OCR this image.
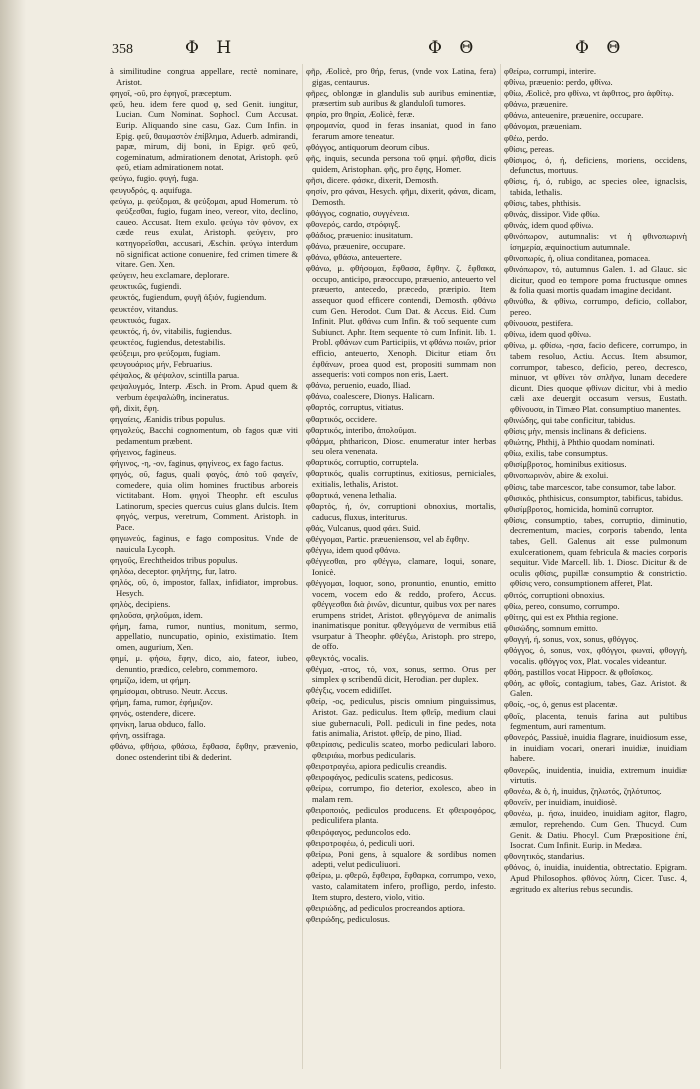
358	Φ Η	Φ Θ	Φ Θ

à similitudine congrua appellare, rectè nominare, Aristot.

φηγοῖ, -οῦ, pro ἐφηγοῖ, præceptum.

φεῦ, heu. idem fere quod φ, sed Genit. iungitur, Lucian. Cum Nominat. Sophocl. Cum Accusat. Eurip. Aliquando sine casu, Gaz. Cum Infin. in Epig. φεῦ, θαυμαστὸν ἐπίβλημα, Aduerb. admirandi, papæ, mirum, dij boni, in Epigr. φεῦ φεῦ, cogeminatum, admirationem denotat, Aristoph. φεῦ φεῦ, etiam admirationem notat.

φεύγω, fugio. φυγή, fuga.

φευγυδρός, q. aquifuga.

φεύγω, μ. φεύξομαι, & φεύξομαι, apud Homerum. τὸ φεύξεσθαι, fugio, fugam ineo, vereor, vito, declino, caueo. Accusat. Item exulo. φεύγω τὸν φόνον, ex cæde reus exulat, Aristoph. φεύγειν, pro κατηγορεῖσθαι, accusari, Æschin. φεύγω interdum nō significat actione conuenire, fed crimen timere & vitare. Gen. Xen.

φεύγειν, heu exclamare, deplorare.

φευκτικῶς, fugiendi.

φευκτός, fugiendum, φυγῆ ἀξιόν, fugiendum.

φευκτέον, vitandus.

φευκτικός, fugax.

φευκτός, ή, όν, vitabilis, fugiendus.

φευκτέος, fugiendus, detestabilis.

φεύξειμι, pro φεύξομαι, fugiam.

φευγουάριος μήν, Februarius.

φέψαλος, & φέψαλον, scintilla parua.

φεψαλυγμός, Interp. Æsch. in Prom. Apud quem & verbum ἐφεψαλώθη, incineratus.

φῆ, dixit, ἔφη.

φηγαίεις, Æanidis tribus populus.

φηγαλεύς, Bacchi cognomentum, ob fagos quæ viti pedamentum præbent.

φήγεινος, fagineus.

φήγινος, -η, -ον, faginus, φηγίνεος, ex fago factus.

φηγός, οῦ, fagus, quali φαγός, ἀπὸ τοῦ φαγεῖν, comedere, quia olim homines fructibus arboreis victitabant. Hom. φηγοὶ Theophr. eft esculus Latinorum, species quercus cuius glans dulcis. Item φηγός, verpus, veretrum, Comment. Aristoph. in Pace.

φηγωνεύς, faginus, e fago compositus. Vnde de nauicula Lycoph.

φηγοῦς, Erechtheidos tribus populus.

φηλόω, deceptor. φηλήτης, fur, latro.

φηλός, οῦ, ό, impostor, fallax, infidiator, improbus. Hesych.

φηλὸς, decipiens.

φηλοῦσα, φηλοῦμαι, idem.

φήμη, fama, rumor, nuntius, monitum, sermo, appellatio, nuncupatio, opinio, existimatio. Item omen, augurium, Xen.

φημί, μ. φήσω, ἔφην, dico, aio, fateor, iubeo, denuntio, prædico, celebro, commemoro.

φημίζω, idem, ut φήμη.

φημίσομαι, obtruso. Neutr. Accus.

φήμη, fama, rumor, ἐφήμιζον.

φηνός, ostendere, dicere.

φηνίκη, larua obduco, fallo.

φήνη, ossifraga.

φθάνω, φθήσω, φθάσω, ἔφθασα, ἔφθην, prævenio, donec ostenderint tibi & dederint.

φῆρ, Æolicè, pro θήρ, ferus, (vnde vox Latina, fera) gigas, centaurus.

φῆρες, oblongæ in glandulis sub auribus eminentiæ, præsertim sub auribus & glanduloſi tumores.

φηρία, pro θηρία, Æolicè, feræ.

φηρομανία, quod in feras insaniat, quod in fano ferarum amore teneatur.

φθόγγος, antiquorum deorum cibus.

φῆς, inquis, secunda persona τοῦ φημί. φῆσθα, dicis quidem, Aristophan. φῆς, pro ἔφης, Homer.

φῆσι, dicere. φάσκε, dixerit, Demosth.

φησίν, pro φάναι, Hesych. φῆμι, dixerit, φάναι, dicam, Demosth.

φθόγγος, cognatio, συγγένεια.

φθονερός, cardo, στρόφιγξ.

φθάδιος, præuenio: inusitatum.

φθάνω, præuenire, occupare.

φθάνω, φθάσω, anteuertere.

φθάνω, μ. φθήσομαι, ἔφθασα, ἔφθην. ζ. ἔφθακα, occupo, anticipo, præoccupo, præuenio, anteuerto vel præuerto, antecedo, præcedo, præripio. Item assequor quod efficere contendi, Demosth. φθάνω cum Gen. Herodot. Cum Dat. & Accus. Eid. Cum Infinit. Plut. φθάνω cum Infin. & τοῦ sequente cum Subiunct. Aphr. Item sequente τὸ cum Infinit. lib. 1. Probl. φθάνων cum Participiis, vt φθάνω ποιῶν, prior efficio, anteuerto, Xenoph. Dicitur etiam ὅτι ἐφθάνων, proea quod est, propositi summam non assequeris: voti compos non eris, Laert.

φθάνω, peruenio, euado, Iliad.

φθάνω, coalescere, Dionys. Halicarn.

φθαρτός, corruptus, vitiatus.

φθαρτικός, occidere.

φθαρτικός, interibo, ἀπολοῦμαι.

φθάρμα, phtharicon, Diosc. enumeratur inter herbas seu olera venenata.

φθαρτικός, corruptio, corruptela.

φθαρτικός, qualis corruptinus, exitiosus, perniciales, exitialis, lethalis, Aristot.

φθαρτικά, venena lethalia.

φθαρτὸς, ή, όν, corruptioni obnoxius, mortalis, caducus, fluxus, interiturus.

φθάς, Vulcanus, quod φάει. Suid.

φθέγγομαι, Partic. præueniensσα, vel ab ἔφθην.

φθέγγω, idem quod φθάνω.

φθέγγεσθαι, pro φθέγγω, clamare, loqui, sonare, Ionicè.

φθέγγομαι, loquor, sono, pronuntio, enuntio, emitto vocem, vocem edo & reddo, profero, Accus. φθέγγεσθαι διὰ ῥινῶν, dicuntur, quibus vox per nares erumpens stridet, Aristot. φθεγγόμενα de animalis inanimatisque ponitur. φθεγγόμενα de vermibus etiā vsurpatur à Theophr. φθέγξω, Aristoph. pro strepo, de offo.

φθεγκτός, vocalis.

φθέγμα, -ατος, τό, vox, sonus, sermo. Orus per simplex φ scribendū dicit, Herodian. per duplex.

φθέγξις, vocem edidiſſet.

φθείρ, -ος, pediculus, piscis omnium pinguissimus, Aristot. Gaz. pediculus. Item φθεῖρ, medium claui siue gubernaculi, Poll. pediculi in fine pedes, nota fatis animalia, Aristot. φθεῖρ, de pino, Iliad.

φθειρίασις, pediculis scateo, morbo pediculari laboro. φθειριάω, morbus pedicularis.

φθειροτραγέω, apiora pediculis creandis.

φθειροφάγος, pediculis scatens, pedicosus.

φθείρω, corrumpo, fio deterior, exolesco, abeo in malam rem.

φθειροποιός, pediculos producens. Et φθειροφόρος, pediculifera planta.

φθειρόφαγος, peduncolos edo.

φθειροτροφέω, ό, pediculi uori.

φθείρω, Poni gens, à squalore & sordibus nomen adepti, velut pediculiuori.

φθείρω, μ. φθερῶ, ἔφθειρα, ἔφθαρκα, corrumpo, vexo, vasto, calamitatem infero, profligo, perdo, infesto. Item stupro, destero, violo, vitio.

φθειριώδης, ad pediculos procreandos aptiora.

φθειρώδης, pediculosus.

φθείρω, corrumpi, interire.

φθίνω, præuenio: perdo, φθίνω.

φθίω, Æolicè, pro φθίνω, vt ἀφθιτος, pro ἀφθίτῳ.

φθάνω, præuenire.

φθάνω, anteuenire, præuenire, occupare.

φθάνομαι, præueniam.

φθέω, perdo.

φθίσις, pereas.

φθίσιμος, ό, ή, deficiens, moriens, occidens, defunctus, mortuus.

φθίσις, ή, ό, rubigo, ac species olee, ignaclsis, tabida, lethalis.

φθίσις, tabes, phthisis.

φθινάς, dissipor. Vide φθίω.

φθινάς, idem quod φθίνω.

φθινόπωρον, autumnalis: vt ἡ φθινοπωρινὴ ἰσημερία, æquinoctium autumnale.

φθινοπωρίς, ἡ, oliua conditanea, pomacea.

φθινόπωρον, τό, autumnus Galen. 1. ad Glauc. sic dicitur, quod eo tempore poma fructusque omnes & folia quasi mortis quadam imagine decidant.

φθινύθω, & φθίνω, corrumpo, deficio, collabor, pereo.

φθίνουσα, pestifera.

φθίνω, idem quod φθίνω.

φθίνω, μ. φθίσω, -ησα, facio deficere, corrumpo, in tabem resoluo, Actiu. Accus. Item absumor, corrumpor, tabesco, deficio, pereo, decresco, minuor, vt φθίνει τὸν σπλῆνα, lunam decedere dicunt. Dies quoque φθίνων dicitur, vbi à medio cæli axe deuergit occasum versus, Eustath. φθίνουσα, in Timæo Plat. consumptiuo manentes.

φθινώδης, qui tabe conficitur, tabidus.

φθίσις μὴν, mensis inclinans & deficiens.

φθιώτης, Phthij, à Phthio quodam nominati.

φθίω, exilis, tabe consumptus.

φθισίμβροτος, hominibus exitiosus.

φθινοπωρινὸν, abire & exolui.

φθίσις, tabe marcescor, tabe consumor, tabe labor.

φθισικός, phthisicus, consumptor, tabificus, tabidus.

φθισίμβροτος, homicida, hominū corruptor.

φθίσις, consumptio, tabes, corruptio, diminutio, decrementum, macies, corporis tabendo, lenta tabes, Gell. Galenus ait esse pulmonum exulcerationem, quam febricula & macies corporis sequitur. Vide Marcell. lib. 1. Diosc. Dicitur & de oculis φθίσις, pupillæ consumptio & constrictio. φθίσις vero, consumptionem afferet, Plat.

φθιτός, corruptioni obnoxius.

φθίω, pereo, consumo, corrumpo.

φθίτης, qui est ex Phthia regione.

φθισώδης, somnum emitto.

φθογγή, ή, sonus, vox, sonus, φθόγγος.

φθόγγος, ό, sonus, vox, φθόγγοι, φωναί, φθογγὴ, vocalis. φθόγγος vox, Plat. vocales videantur.

φθόη, pastillos vocat Hippocr. & φθοΐσκος.

φθόη, ac φθοῖς, contagium, tabes, Gaz. Aristot. & Galen.

φθοίς, -ος, ό, genus est placentæ.

φθοῖς, placenta, tenuis farina aut pultibus fegmentum, auri ramentum.

φθονερός, Passiuè, inuidia flagrare, inuidiosum esse, in inuidiam vocari, onerari inuidiæ, inuidiam habere.

φθονερῶς, inuidentia, inuidia, extremum inuidiæ virtutis.

φθονέω, & ὁ, ἡ, inuidus, ζηλωτός, ζηλότυπος.

φθονεῖν, per inuidiam, inuidiosè.

φθονέω, μ. ήσω, inuideo, inuidiam agitor, flagro, æmulor, reprehendo. Cum Gen. Thucyd. Cum Genit. & Datiu. Phocyl. Cum Præpositione ἐπί, Isocrat. Cum Infinit. Eurip. in Medæa.

φθονητικός, standarius.

φθόνος, ό, inuidia, inuidentia, obtrectatio. Epigram. Apud Philosophos. φθόνος λύπη, Cicer. Tusc. 4, ægritudo ex alterius rebus secundis.
